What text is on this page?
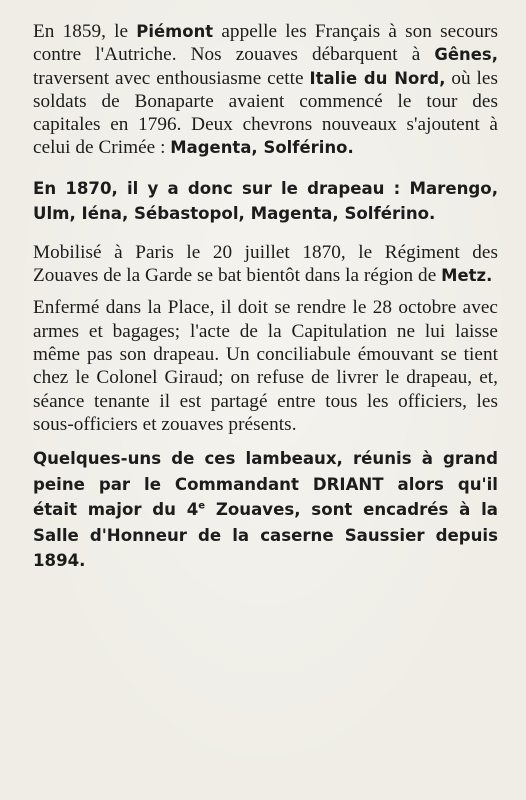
En 1859, le Piémont appelle les Français à son secours contre l'Autriche. Nos zouaves débarquent à Gênes, traversent avec enthousiasme cette Italie du Nord, où les soldats de Bonaparte avaient commencé le tour des capitales en 1796. Deux chevrons nouveaux s'ajoutent à celui de Crimée : Magenta, Solférino.

En 1870, il y a donc sur le drapeau : Marengo, Ulm, Iéna, Sébastopol, Magenta, Solférino.

Mobilisé à Paris le 20 juillet 1870, le Régiment des Zouaves de la Garde se bat bientôt dans la région de Metz.

Enfermé dans la Place, il doit se rendre le 28 octobre avec armes et bagages; l'acte de la Capitulation ne lui laisse même pas son drapeau. Un conciliabule émouvant se tient chez le Colonel Giraud; on refuse de livrer le drapeau, et, séance tenante il est partagé entre tous les officiers, les sous-officiers et zouaves présents.

Quelques-uns de ces lambeaux, réunis à grand peine par le Commandant DRIANT alors qu'il était major du 4e Zouaves, sont encadrés à la Salle d'Honneur de la caserne Saussier depuis 1894.
